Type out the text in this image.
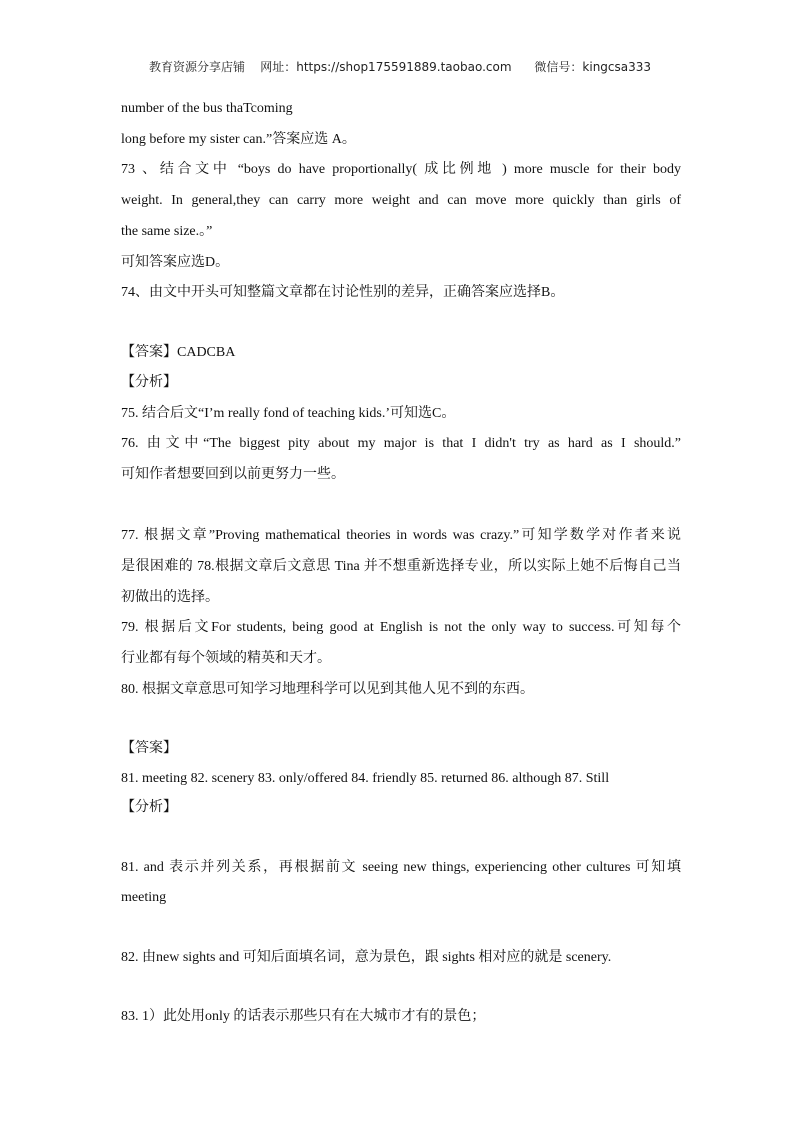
教育资源分享店铺    网址：https://shop175591889.taobao.com      微信号：kingcsa333
number of the bus thaTcoming
long before my sister can.”答案应选 A。
73 、结合文中 “boys do have proportionally( 成比例地 ) more muscle for their body
weight. In general,they can carry more weight and can move more quickly than girls of
the same size.。”
可知答案应选D。
74、由文中开头可知整篇文章都在讨论性别的差异，正确答案应选择B。
【答案】CADCBA
【分析】
75. 结合后文“I’m really fond of teaching kids.’可知选C。
76. 由文中“The biggest pity about my major is that I didn't try as hard as I should.”
可知作者想要回到以前更努力一些。
77. 根据文章”Proving mathematical theories in words was crazy.”可知学数学对作者来说
是很困难的 78.根据文章后文意思 Tina 并不想重新选择专业，所以实际上她不后悔自己当
初做出的选择。
79. 根据后文For students, being good at English is not the only way to success.可知每个
行业都有每个领域的精英和天才。
80. 根据文章意思可知学习地理科学可以见到其他人见不到的东西。
【答案】
81. meeting 82. scenery 83. only/offered 84. friendly 85. returned 86. although 87. Still
【分析】
81. and 表示并列关系，再根据前文 seeing new things, experiencing other cultures 可知填
meeting
82. 由new sights and 可知后面填名词，意为景色，跟 sights 相对应的就是 scenery.
83. 1）此处用only 的话表示那些只有在大城市才有的景色；
